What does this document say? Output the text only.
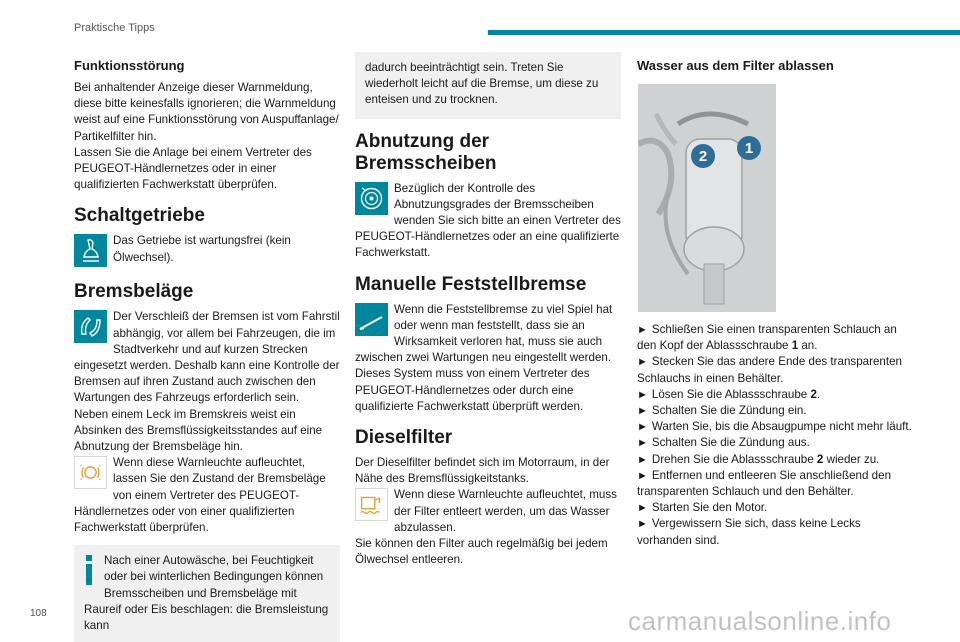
Praktische Tipps
Funktionsstörung

Bei anhaltender Anzeige dieser Warnmeldung, diese bitte keinesfalls ignorieren; die Warnmeldung weist auf eine Funktionsstörung von Auspuffanlage/ Partikelfilter hin.

Lassen Sie die Anlage bei einem Vertreter des PEUGEOT-Händlernetzes oder in einer qualifizierten Fachwerkstatt überprüfen.

Schaltgetriebe

Das Getriebe ist wartungsfrei (kein Ölwechsel).

Bremsbeläge

Der Verschleiß der Bremsen ist vom Fahrstil abhängig, vor allem bei Fahrzeugen, die im Stadtverkehr und auf kurzen Strecken eingesetzt werden. Deshalb kann eine Kontrolle der Bremsen auf ihren Zustand auch zwischen den Wartungen des Fahrzeugs erforderlich sein.

Neben einem Leck im Bremskreis weist ein Absinken des Bremsflüssigkeitsstandes auf eine Abnutzung der Bremsbeläge hin.

Wenn diese Warnleuchte aufleuchtet, lassen Sie den Zustand der Bremsbeläge von einem Vertreter des PEUGEOT-Händlernetzes oder von einer qualifizierten Fachwerkstatt überprüfen.

Nach einer Autowäsche, bei Feuchtigkeit oder bei winterlichen Bedingungen können Bremsscheiben und Bremsbeläge mit Raureif oder Eis beschlagen: die Bremsleistung kann

dadurch beeinträchtigt sein. Treten Sie wiederholt leicht auf die Bremse, um diese zu enteisen und zu trocknen.

Abnutzung der Bremsscheiben

Bezüglich der Kontrolle des Abnutzungsgrades der Bremsscheiben wenden Sie sich bitte an einen Vertreter des PEUGEOT-Händlernetzes oder an eine qualifizierte Fachwerkstatt.

Manuelle Feststellbremse

Wenn die Feststellbremse zu viel Spiel hat oder wenn man feststellt, dass sie an Wirksamkeit verloren hat, muss sie auch zwischen zwei Wartungen neu eingestellt werden.

Dieses System muss von einem Vertreter des PEUGEOT-Händlernetzes oder durch eine qualifizierte Fachwerkstatt überprüft werden.

Dieselfilter

Der Dieselfilter befindet sich im Motorraum, in der Nähe des Bremsflüssigkeitstanks.

Wenn diese Warnleuchte aufleuchtet, muss der Filter entleert werden, um das Wasser abzulassen.

Sie können den Filter auch regelmäßig bei jedem Ölwechsel entleeren.

Wasser aus dem Filter ablassen
2	1

► Schließen Sie einen transparenten Schlauch an den Kopf der Ablassschraube 1 an.

► Stecken Sie das andere Ende des transparenten Schlauchs in einen Behälter.

► Lösen Sie die Ablassschraube 2.

► Schalten Sie die Zündung ein.

► Warten Sie, bis die Absaugpumpe nicht mehr läuft.

► Schalten Sie die Zündung aus.

► Drehen Sie die Ablassschraube 2 wieder zu.

► Entfernen und entleeren Sie anschließend den transparenten Schlauch und den Behälter.

► Starten Sie den Motor.

► Vergewissern Sie sich, dass keine Lecks vorhanden sind.

108	carmanualsonline.info
